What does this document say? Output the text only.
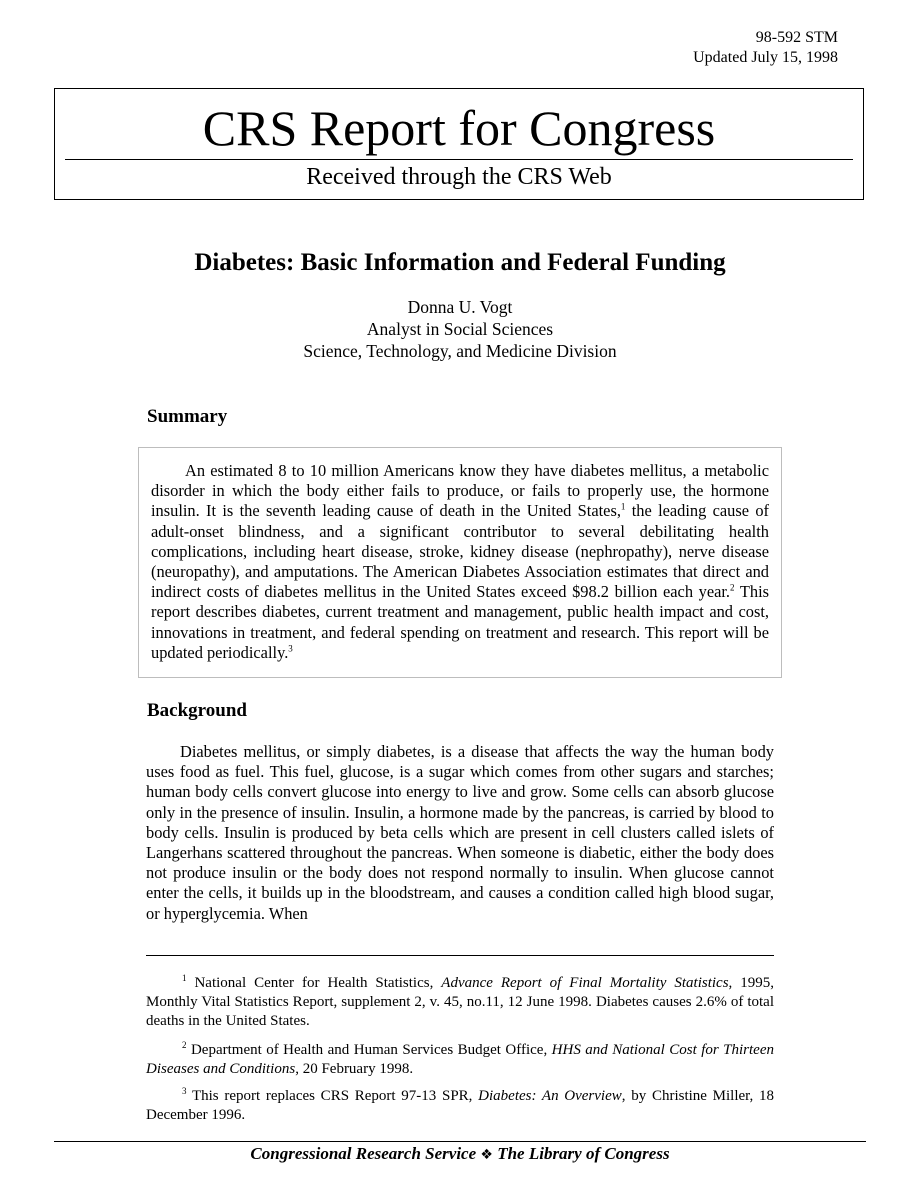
98-592 STM
Updated July 15, 1998
CRS Report for Congress
Received through the CRS Web
Diabetes: Basic Information and Federal Funding
Donna U. Vogt
Analyst in Social Sciences
Science, Technology, and Medicine Division
Summary

An estimated 8 to 10 million Americans know they have diabetes mellitus, a metabolic disorder in which the body either fails to produce, or fails to properly use, the hormone insulin. It is the seventh leading cause of death in the United States,$^1$ the leading cause of adult-onset blindness, and a significant contributor to several debilitating health complications, including heart disease, stroke, kidney disease (nephropathy), nerve disease (neuropathy), and amputations. The American Diabetes Association estimates that direct and indirect costs of diabetes mellitus in the United States exceed $98.2 billion each year.$^2$ This report describes diabetes, current treatment and management, public health impact and cost, innovations in treatment, and federal spending on treatment and research. This report will be updated periodically.$^3$

Background

Diabetes mellitus, or simply diabetes, is a disease that affects the way the human body uses food as fuel. This fuel, glucose, is a sugar which comes from other sugars and starches; human body cells convert glucose into energy to live and grow. Some cells can absorb glucose only in the presence of insulin. Insulin, a hormone made by the pancreas, is carried by blood to body cells. Insulin is produced by beta cells which are present in cell clusters called islets of Langerhans scattered throughout the pancreas. When someone is diabetic, either the body does not produce insulin or the body does not respond normally to insulin. When glucose cannot enter the cells, it builds up in the bloodstream, and causes a condition called high blood sugar, or hyperglycemia. When

$^1$ National Center for Health Statistics, Advance Report of Final Mortality Statistics, 1995, Monthly Vital Statistics Report, supplement 2, v. 45, no.11, 12 June 1998. Diabetes causes 2.6% of total deaths in the United States.
$^2$ Department of Health and Human Services Budget Office, HHS and National Cost for Thirteen Diseases and Conditions, 20 February 1998.
$^3$ This report replaces CRS Report 97-13 SPR, Diabetes: An Overview, by Christine Miller, 18 December 1996.
Congressional Research Service ❖ The Library of Congress
